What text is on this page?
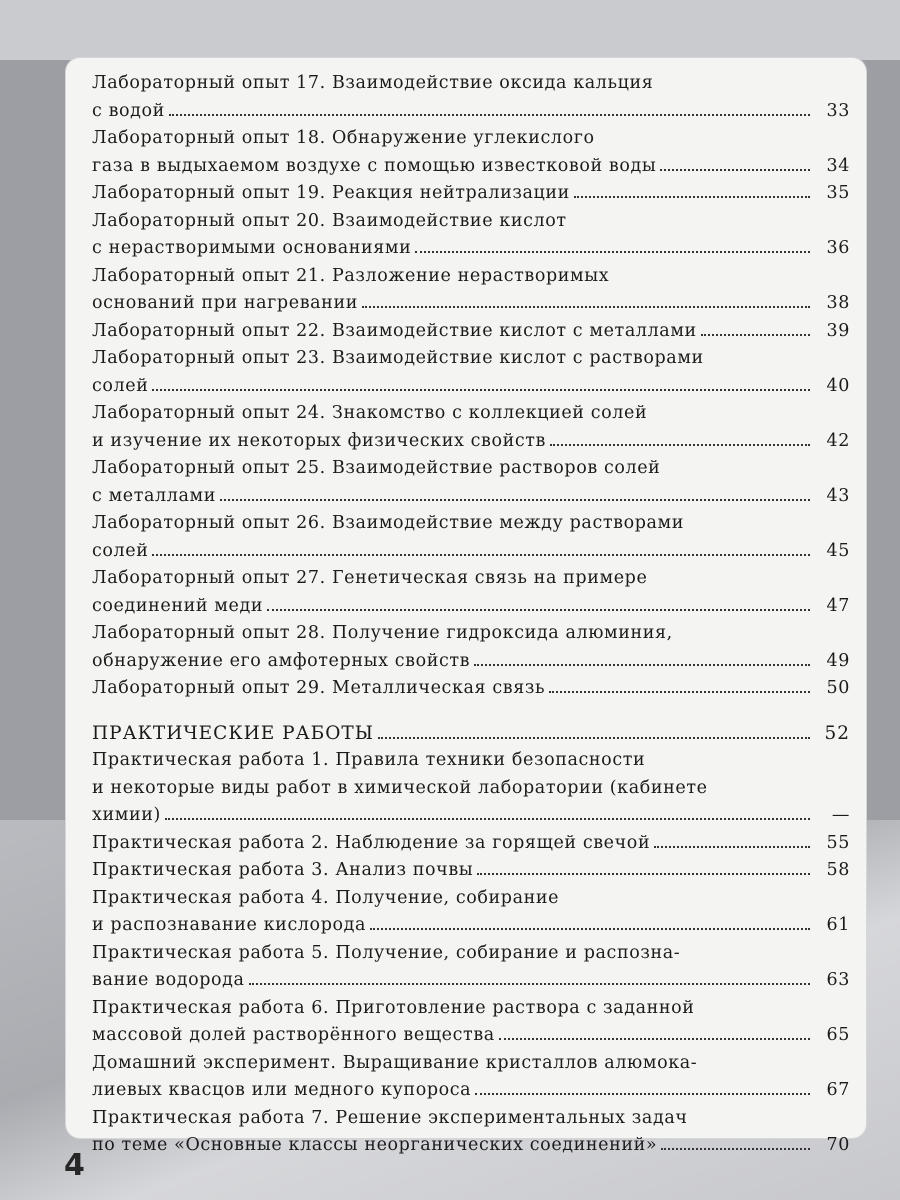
Лабораторный опыт 17. Взаимодействие оксида кальция
с водой	33
Лабораторный опыт 18. Обнаружение углекислого
газа в выдыхаемом воздухе с помощью известковой воды	34
Лабораторный опыт 19. Реакция нейтрализации	35
Лабораторный опыт 20. Взаимодействие кислот
с нерастворимыми основаниями	36
Лабораторный опыт 21. Разложение нерастворимых
оснований при нагревании	38
Лабораторный опыт 22. Взаимодействие кислот с металлами	39
Лабораторный опыт 23. Взаимодействие кислот с растворами
солей	40
Лабораторный опыт 24. Знакомство с коллекцией солей
и изучение их некоторых физических свойств	42
Лабораторный опыт 25. Взаимодействие растворов солей
с металлами	43
Лабораторный опыт 26. Взаимодействие между растворами
солей	45
Лабораторный опыт 27. Генетическая связь на примере
соединений меди	47
Лабораторный опыт 28. Получение гидроксида алюминия,
обнаружение его амфотерных свойств	49
Лабораторный опыт 29. Металлическая связь	50
ПРАКТИЧЕСКИЕ РАБОТЫ	52
Практическая работа 1. Правила техники безопасности
и некоторые виды работ в химической лаборатории (кабинете
химии)	—
Практическая работа 2. Наблюдение за горящей свечой	55
Практическая работа 3. Анализ почвы	58
Практическая работа 4. Получение, собирание
и распознавание кислорода	61
Практическая работа 5. Получение, собирание и распозна-
вание водорода	63
Практическая работа 6. Приготовление раствора с заданной
массовой долей растворённого вещества	65
Домашний эксперимент. Выращивание кристаллов алюмока-
лиевых квасцов или медного купороса	67
Практическая работа 7. Решение экспериментальных задач
по теме «Основные классы неорганических соединений»	70
4
